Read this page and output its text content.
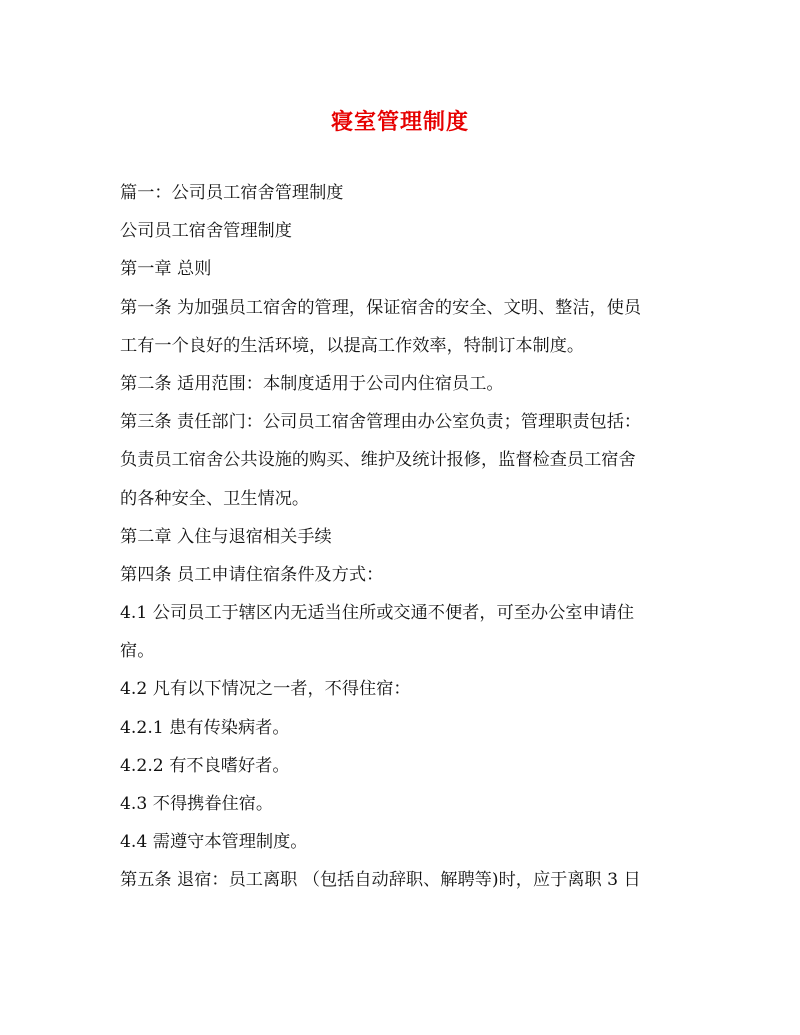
寝室管理制度
篇一：公司员工宿舍管理制度
公司员工宿舍管理制度
第一章 总则
第一条 为加强员工宿舍的管理，保证宿舍的安全、文明、整洁，使员
工有一个良好的生活环境，以提高工作效率，特制订本制度。
第二条 适用范围：本制度适用于公司内住宿员工。
第三条 责任部门：公司员工宿舍管理由办公室负责；管理职责包括：
负责员工宿舍公共设施的购买、维护及统计报修，监督检查员工宿舍
的各种安全、卫生情况。
第二章 入住与退宿相关手续
第四条 员工申请住宿条件及方式：
4.1 公司员工于辖区内无适当住所或交通不便者，可至办公室申请住
宿。
4.2 凡有以下情况之一者，不得住宿：
4.2.1 患有传染病者。
4.2.2 有不良嗜好者。
4.3 不得携眷住宿。
4.4 需遵守本管理制度。
第五条 退宿：员工离职 （包括自动辞职、解聘等)时，应于离职 3 日
